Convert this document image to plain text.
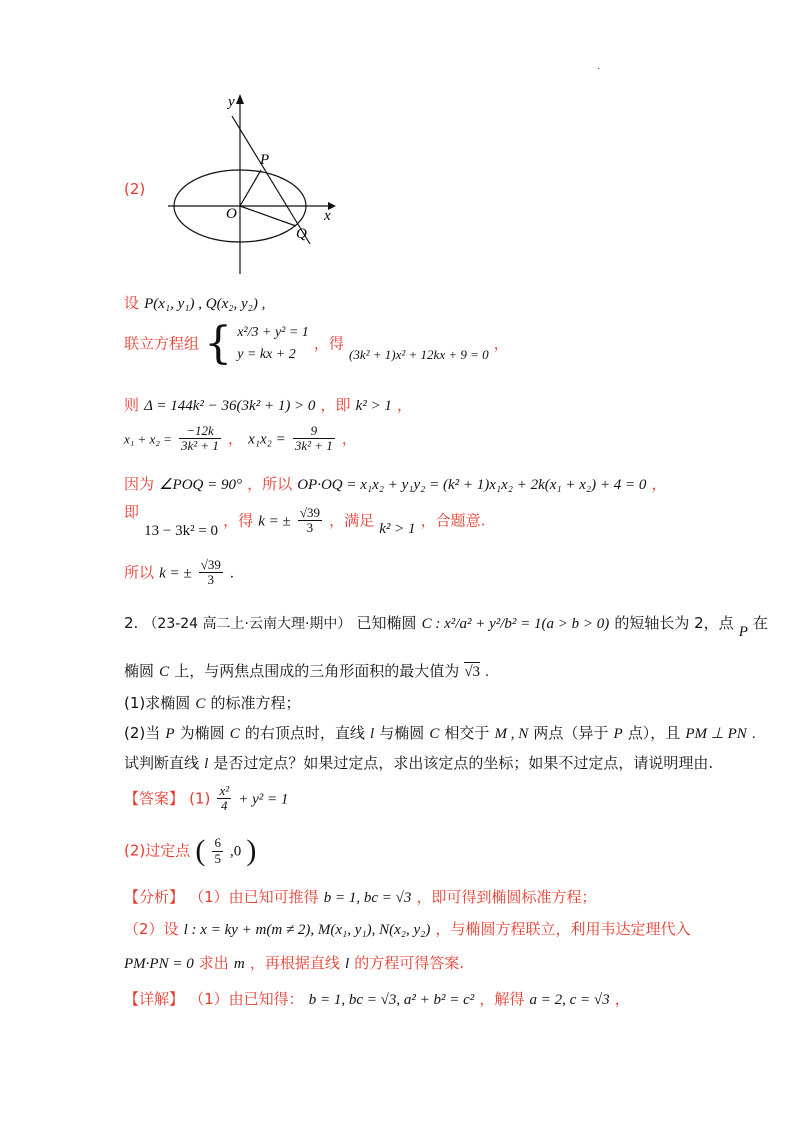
.
(2)
y
x
O
P
Q
设 P(x₁, y₁) , Q(x₂, y₂) ,
联立方程组 { x²/3 + y² = 1
y = kx + 2
，得 $_{(3k^2 + 1)x^2 + 12kx + 9 = 0}$ ，
则 Δ = 144k² − 36(3k² + 1) > 0 ，即 k² > 1 ，
$x_1 + x_2 = \frac{-12k}{\text{3k² + 1}}$ ， $x_1x_2 = \frac{9}{\text{3k² + 1}}$ ，
因为 ∠POQ = 90° ，所以 OP·OQ = x₁x₂ + y₁y₂ = (k² + 1)x₁x₂ + 2k(x₁ + x₂) + 4 = 0 ，
即 13 − 3k² = 0 ，得 k = ± $\frac{√39}{3}$ ，满足 k² > 1 ，合题意.
所以 k = ± $\frac{√39}{3}$ .
2. （23-24 高二上·云南大理·期中） 已知椭圆 C : x²/a² + y²/b² = 1(a > b > 0) 的短轴长为 2，点 P 在
椭圆 C 上，与两焦点围成的三角形面积的最大值为 √3 .
(1)求椭圆 C 的标准方程；
(2)当 P 为椭圆 C 的右顶点时，直线 l 与椭圆 C 相交于 M , N 两点（异于 P 点），且 PM ⊥ PN .
试判断直线 l 是否过定点？如果过定点，求出该定点的坐标；如果不过定点，请说明理由.
【答案】 $(1) \frac{\text{x²}}{4} + y^2 = 1$
(2)过定点 ( $\frac{6}{5} ,0$ )
【分析】 （1）由已知可推得 b = 1, bc = √3 ，即可得到椭圆标准方程；
（2）设 l : x = ky + m(m ≠ 2), M(x₁, y₁), N(x₂, y₂) ，与椭圆方程联立，利用韦达定理代入
PM·PN = 0 求出 m ，再根据直线 l 的方程可得答案.
【详解】 （1）由已知得： b = 1, bc = √3, a² + b² = c² ，解得 a = 2, c = √3 ，
